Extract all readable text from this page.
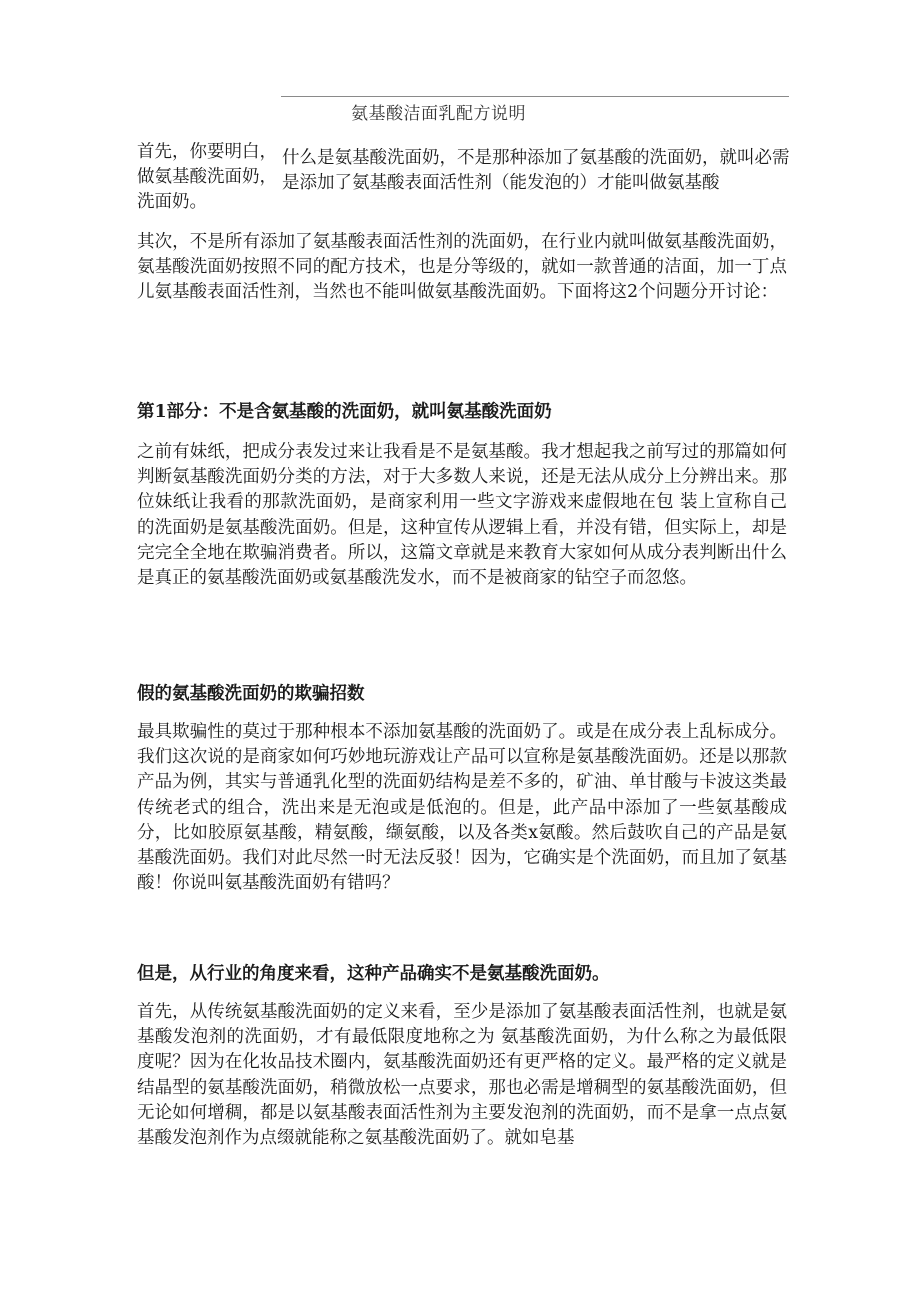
氨基酸洁面乳配方说明

首先，你要明白， 做氨基酸洗面奶，洗面奶。

什么是氨基酸洗面奶，不是那种添加了氨基酸的洗面奶，就叫必需是添加了氨基酸表面活性剂（能发泡的）才能叫做氨基酸

其次，不是所有添加了氨基酸表面活性剂的洗面奶，在行业内就叫做氨基酸洗面奶，氨基酸洗面奶按照不同的配方技术，也是分等级的，就如一款普通的洁面，加一丁点儿氨基酸表面活性剂，当然也不能叫做氨基酸洗面奶。下面将这2个问题分开讨论：

第1部分：不是含氨基酸的洗面奶，就叫氨基酸洗面奶

之前有妹纸，把成分表发过来让我看是不是氨基酸。我才想起我之前写过的那篇如何判断氨基酸洗面奶分类的方法，对于大多数人来说，还是无法从成分上分辨出来。那位妹纸让我看的那款洗面奶，是商家利用一些文字游戏来虚假地在包 装上宣称自己的洗面奶是氨基酸洗面奶。但是，这种宣传从逻辑上看，并没有错，但实际上，却是完完全全地在欺骗消费者。所以，这篇文章就是来教育大家如何从成分表判断出什么是真正的氨基酸洗面奶或氨基酸洗发水，而不是被商家的钻空子而忽悠。

假的氨基酸洗面奶的欺骗招数

最具欺骗性的莫过于那种根本不添加氨基酸的洗面奶了。或是在成分表上乱标成分。我们这次说的是商家如何巧妙地玩游戏让产品可以宣称是氨基酸洗面奶。还是以那款产品为例，其实与普通乳化型的洗面奶结构是差不多的，矿油、单甘酸与卡波这类最传统老式的组合，洗出来是无泡或是低泡的。但是，此产品中添加了一些氨基酸成分，比如胶原氨基酸，精氨酸，缬氨酸，以及各类x氨酸。然后鼓吹自己的产品是氨基酸洗面奶。我们对此尽然一时无法反驳！因为，它确实是个洗面奶，而且加了氨基酸！你说叫氨基酸洗面奶有错吗？

但是，从行业的角度来看，这种产品确实不是氨基酸洗面奶。

首先，从传统氨基酸洗面奶的定义来看，至少是添加了氨基酸表面活性剂，也就是氨基酸发泡剂的洗面奶，才有最低限度地称之为 氨基酸洗面奶，为什么称之为最低限度呢？因为在化妆品技术圈内，氨基酸洗面奶还有更严格的定义。最严格的定义就是结晶型的氨基酸洗面奶，稍微放松一点要求，那也必需是增稠型的氨基酸洗面奶，但无论如何增稠，都是以氨基酸表面活性剂为主要发泡剂的洗面奶，而不是拿一点点氨基酸发泡剂作为点缀就能称之氨基酸洗面奶了。就如皂基
